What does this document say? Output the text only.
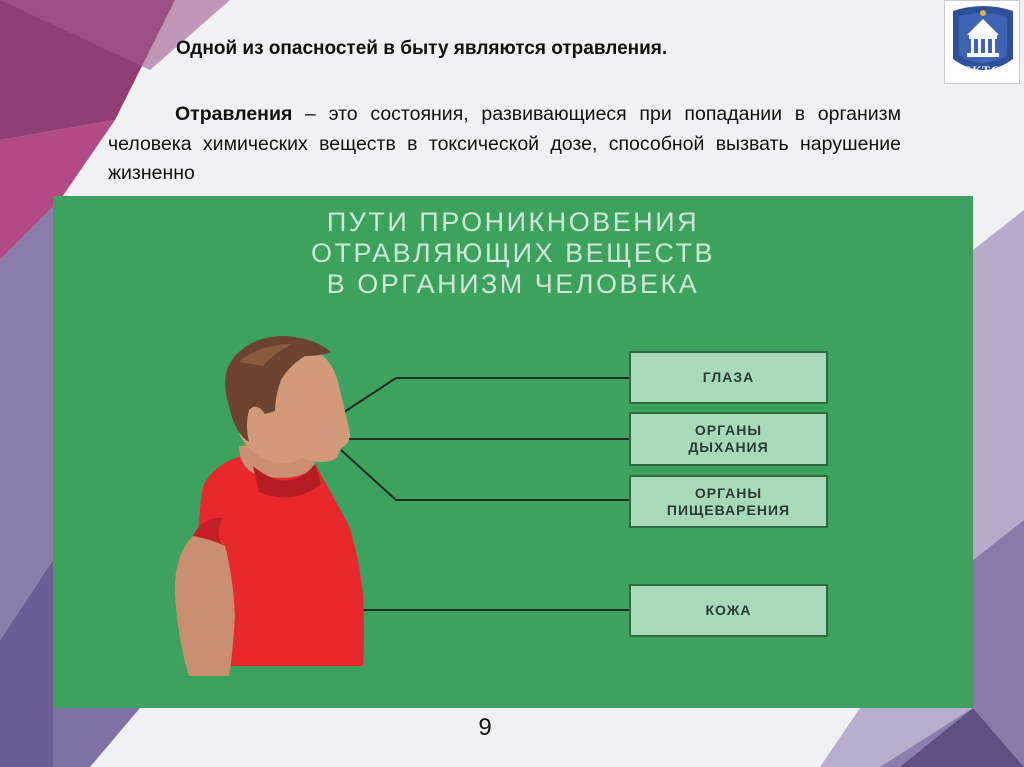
ЕКТС
Одной из опасностей в быту являются отравления.
Отравления – это состояния, развивающиеся при попадании в организм человека химических веществ в токсической дозе, способной вызвать нарушение жизненно
ПУТИ ПРОНИКНОВЕНИЯ
ОТРАВЛЯЮЩИХ ВЕЩЕСТВ
В ОРГАНИЗМ ЧЕЛОВЕКА
ГЛАЗА
ОРГАНЫ
ДЫХАНИЯ
ОРГАНЫ
ПИЩЕВАРЕНИЯ
КОЖА
9
